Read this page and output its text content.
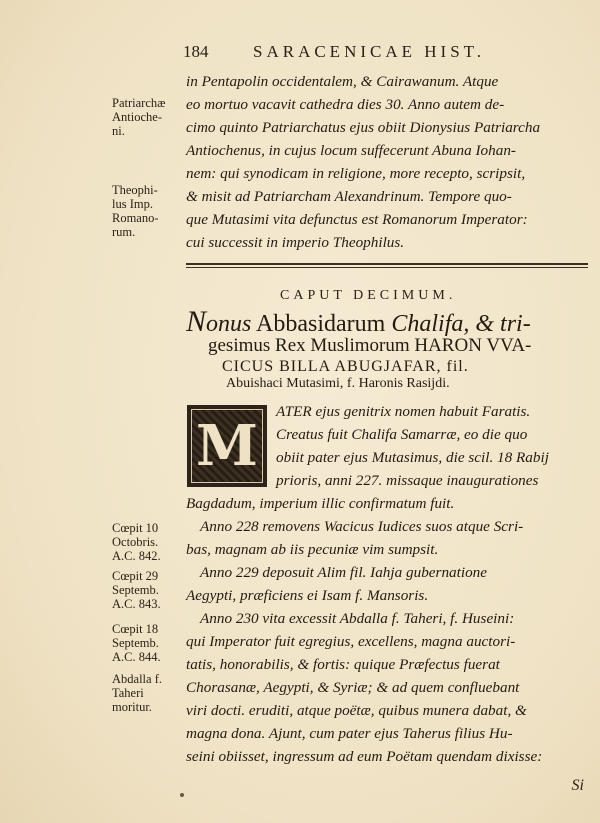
184	SARACENICAE HIST.
Patriarchæ
Antioche-
ni.
Theophi-
lus Imp.
Romano-
rum.
Cœpit 10
Octobris.
A.C. 842.
Cœpit 29
Septemb.
A.C. 843.
Cœpit 18
Septemb.
A.C. 844.
Abdalla f.
Taheri
moritur.
in Pentapolin occidentalem, & Cairawanum. Atque
eo mortuo vacavit cathedra dies 30. Anno autem de-
cimo quinto Patriarchatus ejus obiit Dionysius Patriarcha
Antiochenus, in cujus locum suffecerunt Abuna Iohan-
nem: qui synodicam in religione, more recepto, scripsit,
& misit ad Patriarcham Alexandrinum. Tempore quo-
que Mutasimi vita defunctus est Romanorum Imperator:
cui successit in imperio Theophilus.
CAPUT DECIMUM.
Nonus Abbasidarum Chalifa, & tri-
gesimus Rex Muslimorum HARON VVA-
CICUS BILLA ABUGJAFAR, fil.
Abuishaci Mutasimi, f. Haronis Rasijdi.
M
ATER ejus genitrix nomen habuit Faratis.
Creatus fuit Chalifa Samarræ, eo die quo
obiit pater ejus Mutasimus, die scil. 18 Rabij
prioris, anni 227. missaque inaugurationes
Bagdadum, imperium illic confirmatum fuit.
Anno 228 removens Wacicus Iudices suos atque Scri-
bas, magnam ab iis pecuniæ vim sumpsit.
Anno 229 deposuit Alim fil. Iahja gubernatione
Aegypti, præficiens ei Isam f. Mansoris.
Anno 230 vita excessit Abdalla f. Taheri, f. Huseini:
qui Imperator fuit egregius, excellens, magna auctori-
tatis, honorabilis, & fortis: quique Præfectus fuerat
Chorasanæ, Aegypti, & Syriæ; & ad quem confluebant
viri docti. eruditi, atque poëtæ, quibus munera dabat, &
magna dona. Ajunt, cum pater ejus Taherus filius Hu-
seini obiisset, ingressum ad eum Poëtam quendam dixisse:
Si
